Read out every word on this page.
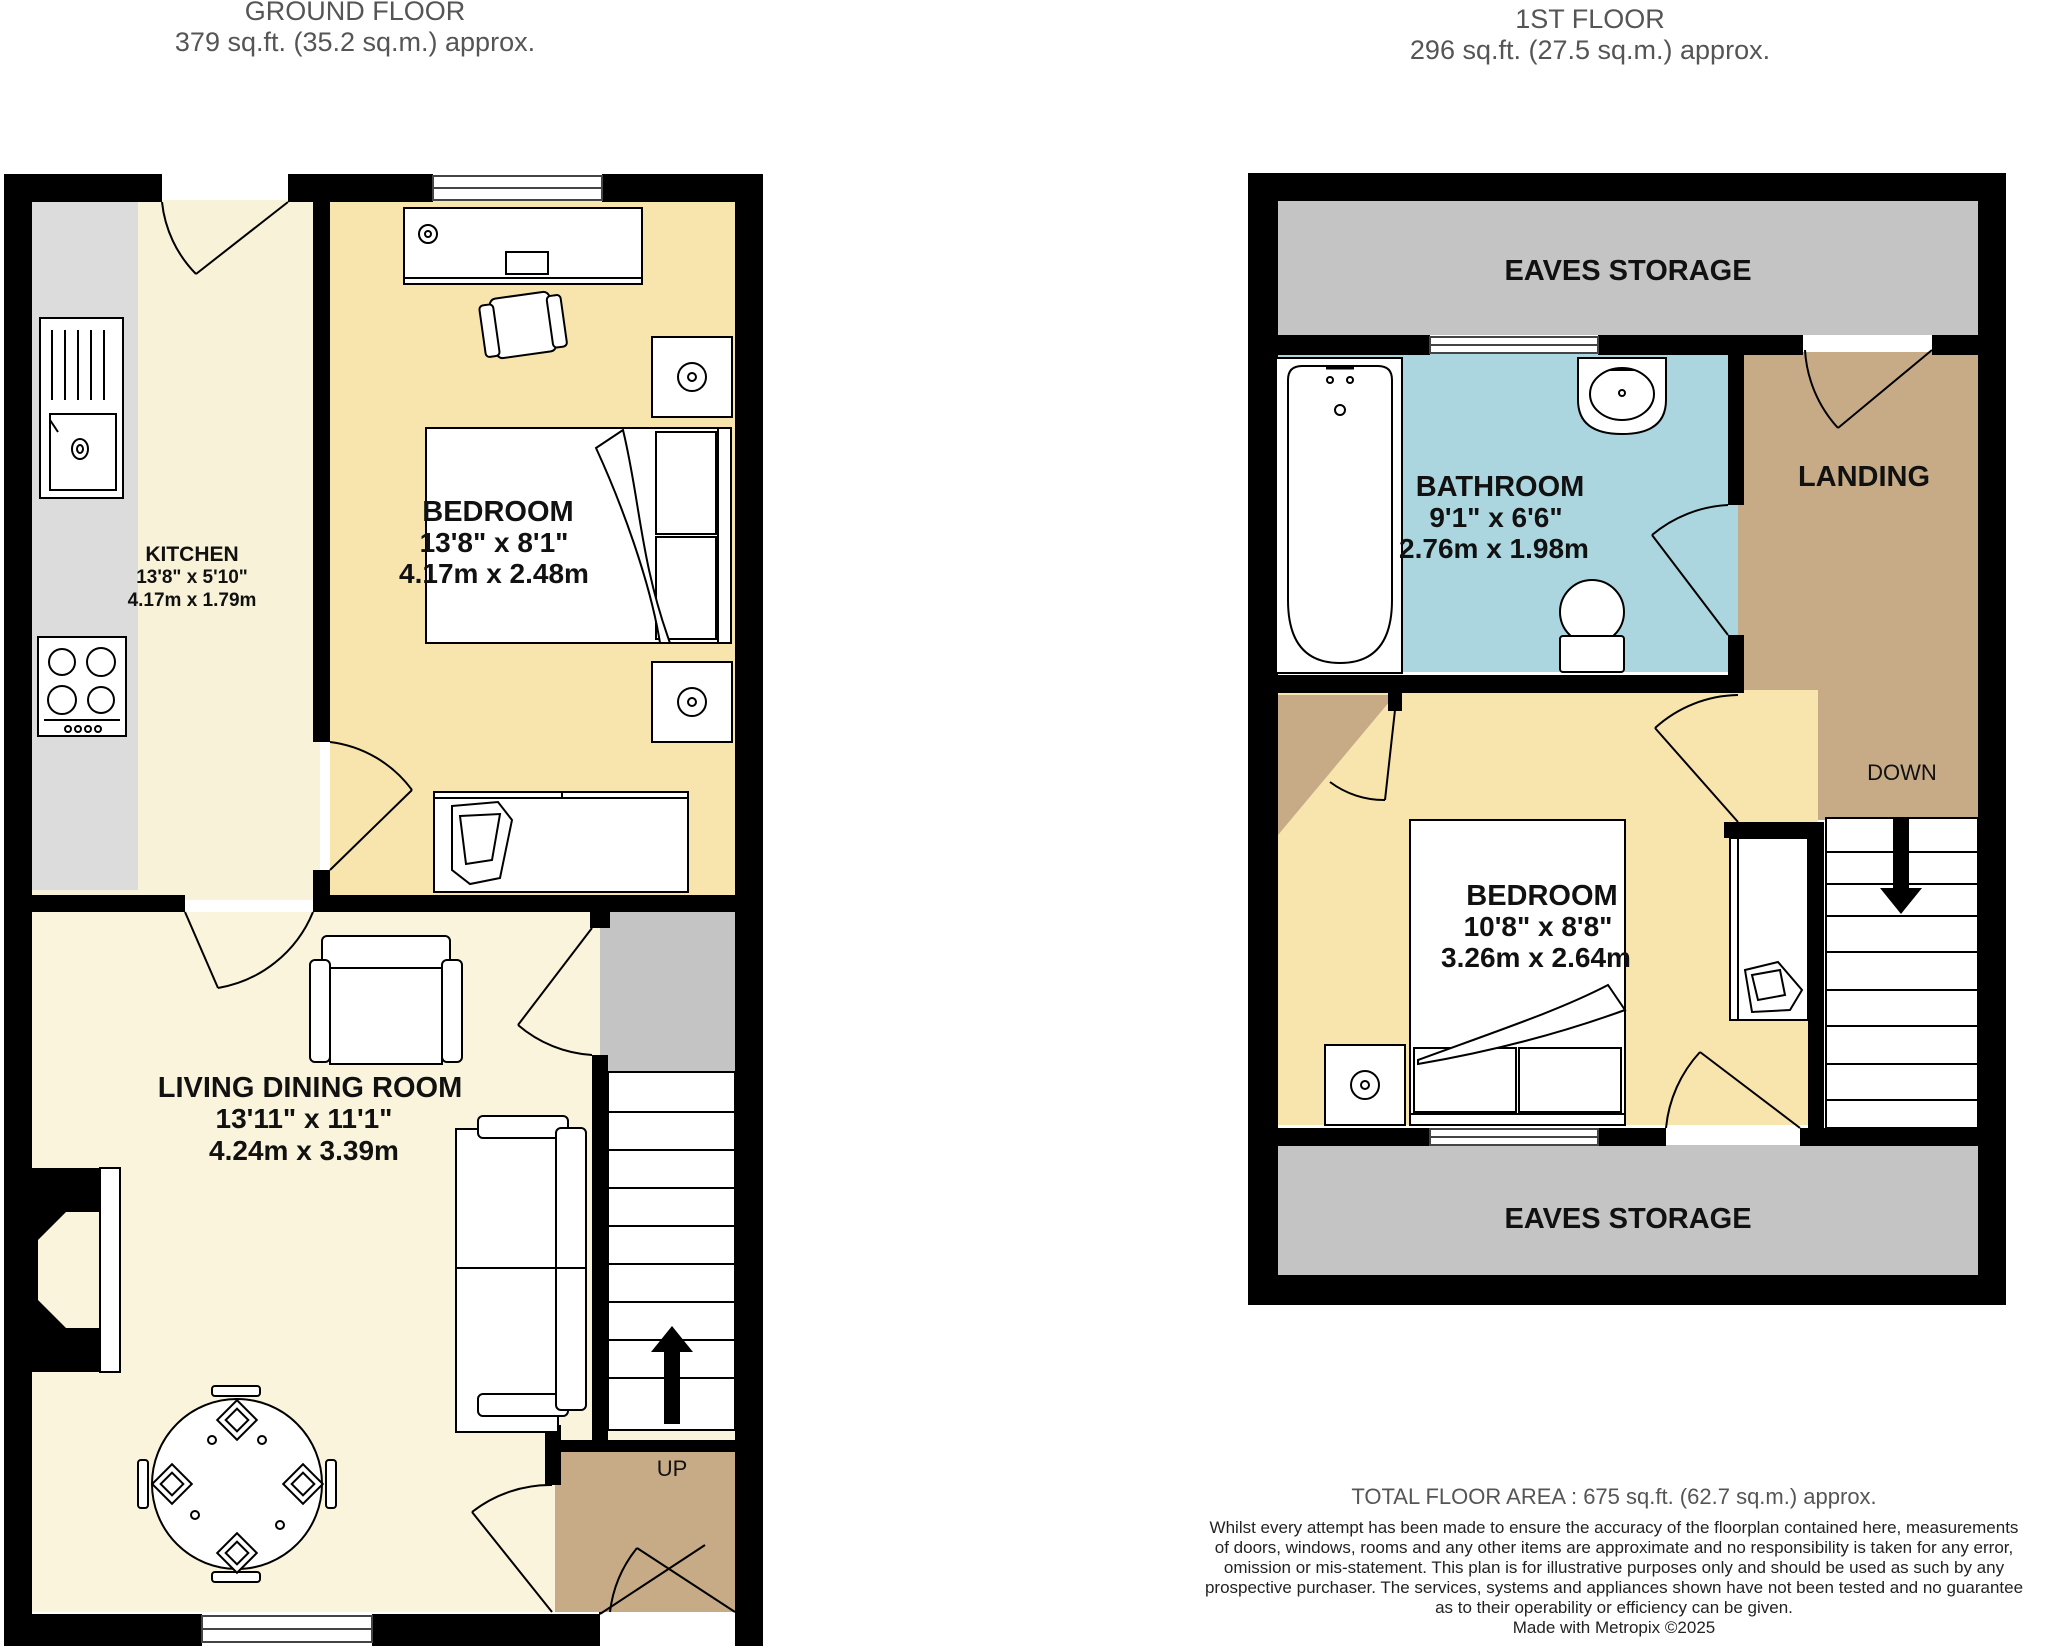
GROUND FLOOR
379 sq.ft. (35.2 sq.m.) approx.
1ST FLOOR
296 sq.ft. (27.5 sq.m.) approx.
KITCHEN
13'8" x 5'10"
4.17m x 1.79m
BEDROOM
13'8" x 8'1"
4.17m x 2.48m
LIVING DINING ROOM
13'11" x 11'1"
4.24m x 3.39m
UP
EAVES STORAGE
BATHROOM
9'1" x 6'6"
2.76m x 1.98m
LANDING
DOWN
BEDROOM
10'8" x 8'8"
3.26m x 2.64m
EAVES STORAGE
TOTAL FLOOR AREA : 675 sq.ft. (62.7 sq.m.) approx.
Whilst every attempt has been made to ensure the accuracy of the floorplan contained here, measurements
of doors, windows, rooms and any other items are approximate and no responsibility is taken for any error,
omission or mis-statement. This plan is for illustrative purposes only and should be used as such by any
prospective purchaser. The services, systems and appliances shown have not been tested and no guarantee
as to their operability or efficiency can be given.
Made with Metropix ©2025
